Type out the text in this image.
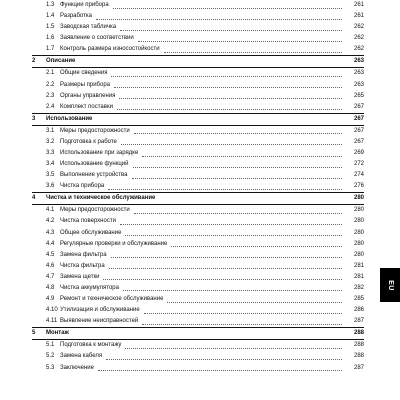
1.3 Функции прибора	261
1.4 Разработка	261
1.5 Заводская табличка	262
1.6 Заявление о соответствии	262
1.7 Контроль размера износостойкости	262
2	Описание	263
2.1 Общие сведения	263
2.2 Размеры прибора	263
2.3 Органы управления	265
2.4 Комплект поставки	267
3	Использование	267
3.1 Меры предосторожности	267
3.2 Подготовка к работе	267
3.3 Использование при зарядке	269
3.4 Использование функций	272
3.5 Выполнение устройства	274
3.6 Чистка прибора	276
4	Чистка и техническое обслуживание	280
4.1 Меры предосторожности	280
4.2 Чистка поверхности	280
4.3 Общее обслуживание	280
4.4 Регулярные проверки и обслуживание	280
4.5 Замена фильтра	280
4.6 Чистка фильтра	281
4.7 Замена щетки	281
4.8 Чистка аккумулятора	282
4.9 Ремонт и техническое обслуживание	285
4.10 Утилизация и обслуживание	286
4.11 Выявление неисправностей	287
5	Монтаж	288
5.1 Подготовка к монтажу	288
5.2 Замена кабеля	288
5.3 Заключение	287
EU
